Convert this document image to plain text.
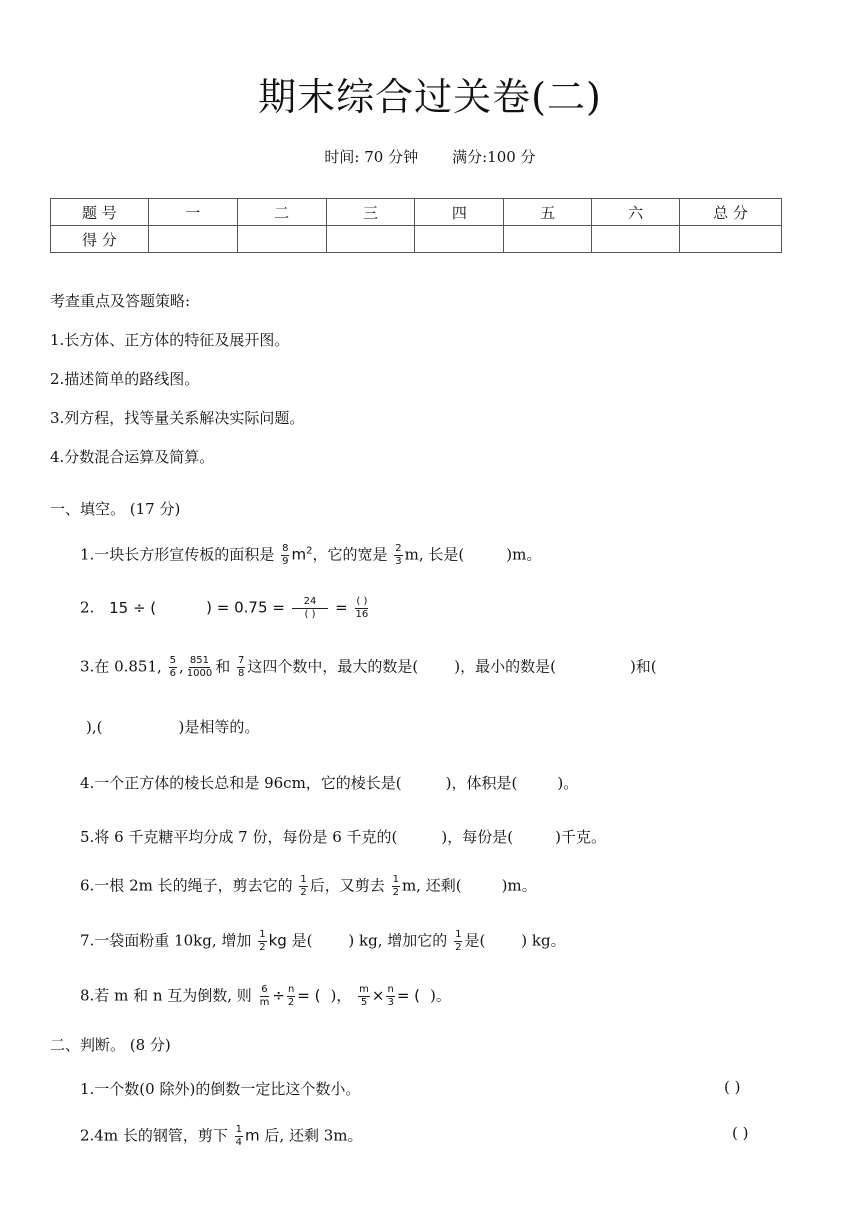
期末综合过关卷(二)
时间: 70 分钟 满分:100 分
题 号	一	二	三	四	五	六	总 分
得 分							
考查重点及答题策略:
1.长方体、正方体的特征及展开图。
2.描述简单的路线图。
3.列方程，找等量关系解决实际问题。
4.分数混合运算及简算。
一、填空。 (17 分)
1.一块长方形宣传板的面积是 $\frac{8}{9} m^2$，它的宽是 $\frac{2}{3} m$, 长是(	)m。
2. 15 ÷ (	) = $0.75 = \frac{24}{( )} = \frac{( )}{16}$
3.在 0.851, $\frac{5}{6}$ , $\frac{851}{1000}$ 和 $\frac{7}{8}$ 这四个数中，最大的数是( )，最小的数是(	)和(
),(	)是相等的。
4.一个正方体的棱长总和是 96cm，它的棱长是(	)，体积是(	)。
5.将 6 千克糖平均分成 7 份，每份是 6 千克的(	)，每份是(	)千克。
6.一根 2m 长的绳子，剪去它的 $\frac{1}{2}$ 后，又剪去 $\frac{1}{2} m$, 还剩(	)m。
7.一袋面粉重 10kg, 增加 $\frac{1}{2}$ kg 是( ) kg, 增加它的 $\frac{1}{2}$ 是( ) kg。
8.若 m 和 n 互为倒数, 则 $\frac{6}{m} \div \frac{n}{2}$ = ( )， $\frac{m}{5} \times \frac{n}{3}$ = ( )。
二、判断。 (8 分)
1.一个数(0 除外)的倒数一定比这个数小。	( )
2.4m 长的钢管，剪下 $\frac{1}{4}$ m 后, 还剩 3m。	( )
